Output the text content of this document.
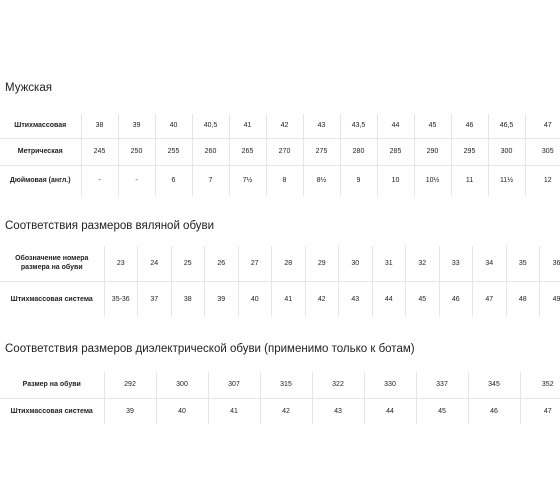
Мужская
Штихмассовая	38	39	40	40,5	41	42	43	43,5	44	45	46	46,5	47
Метрическая	245	250	255	260	265	270	275	280	285	290	295	300	305
Дюймовая (англ.)	-	-	6	7	7½	8	8½	9	10	10½	11	11½	12
Соответствия размеров вяляной обуви
Обозначение номера размера на обуви	23	24	25	26	27	28	29	30	31	32	33	34	35	36
Штихмассовая система	35-36	37	38	39	40	41	42	43	44	45	46	47	48	49
Соответствия размеров диэлектрической обуви (применимо только к ботам)
Размер на обуви	292	300	307	315	322	330	337	345	352
Штихмассовая система	39	40	41	42	43	44	45	46	47
